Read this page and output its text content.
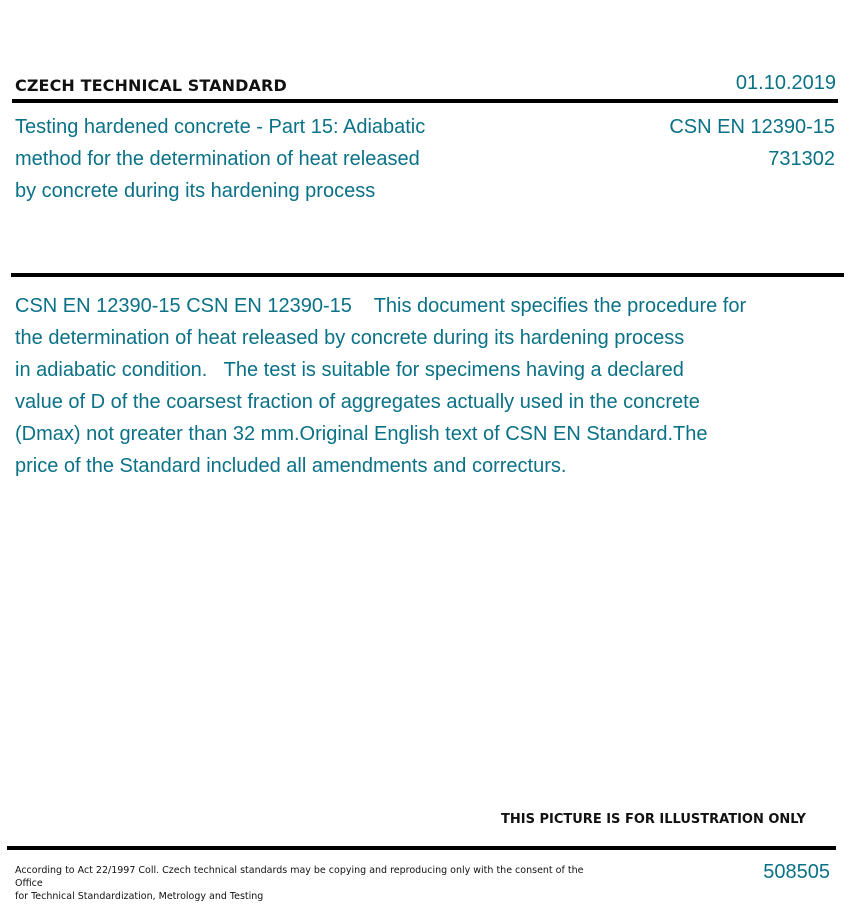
CZECH TECHNICAL STANDARD	01.10.2019
Testing hardened concrete - Part 15: Adiabatic
method for the determination of heat released
by concrete during its hardening process
CSN EN 12390-15
731302
CSN EN 12390-15 CSN EN 12390-15    This document specifies the procedure for
the determination of heat released by concrete during its hardening process
in adiabatic condition.   The test is suitable for specimens having a declared
value of D of the coarsest fraction of aggregates actually used in the concrete
(Dmax) not greater than 32 mm.Original English text of CSN EN Standard.The
price of the Standard included all amendments and correcturs.
THIS PICTURE IS FOR ILLUSTRATION ONLY
According to Act 22/1997 Coll. Czech technical standards may be copying and reproducing only with the consent of the Office
for Technical Standardization, Metrology and Testing
508505
